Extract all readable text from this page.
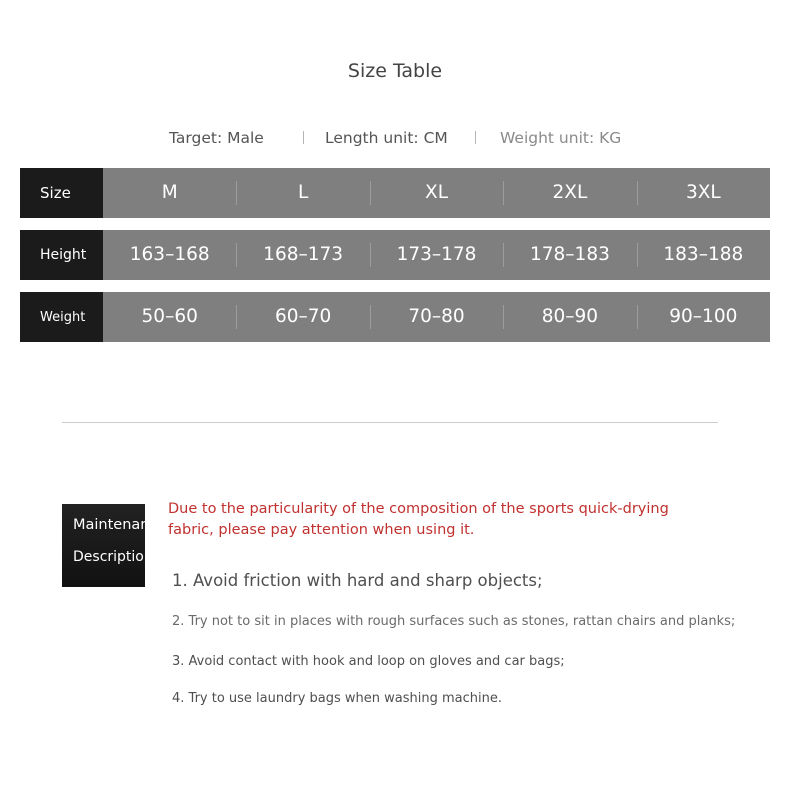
Size Table
Target: Male	Length unit: CM	Weight unit: KG
Size	M	L	XL	2XL	3XL
Height	163–168	168–173	173–178	178–183	183–188
Weight	50–60	60–70	70–80	80–90	90–100
Maintenance
Description
Due to the particularity of the composition of the sports quick-drying
fabric, please pay attention when using it.
1. Avoid friction with hard and sharp objects;
2. Try not to sit in places with rough surfaces such as stones, rattan chairs and planks;
3. Avoid contact with hook and loop on gloves and car bags;
4. Try to use laundry bags when washing machine.
